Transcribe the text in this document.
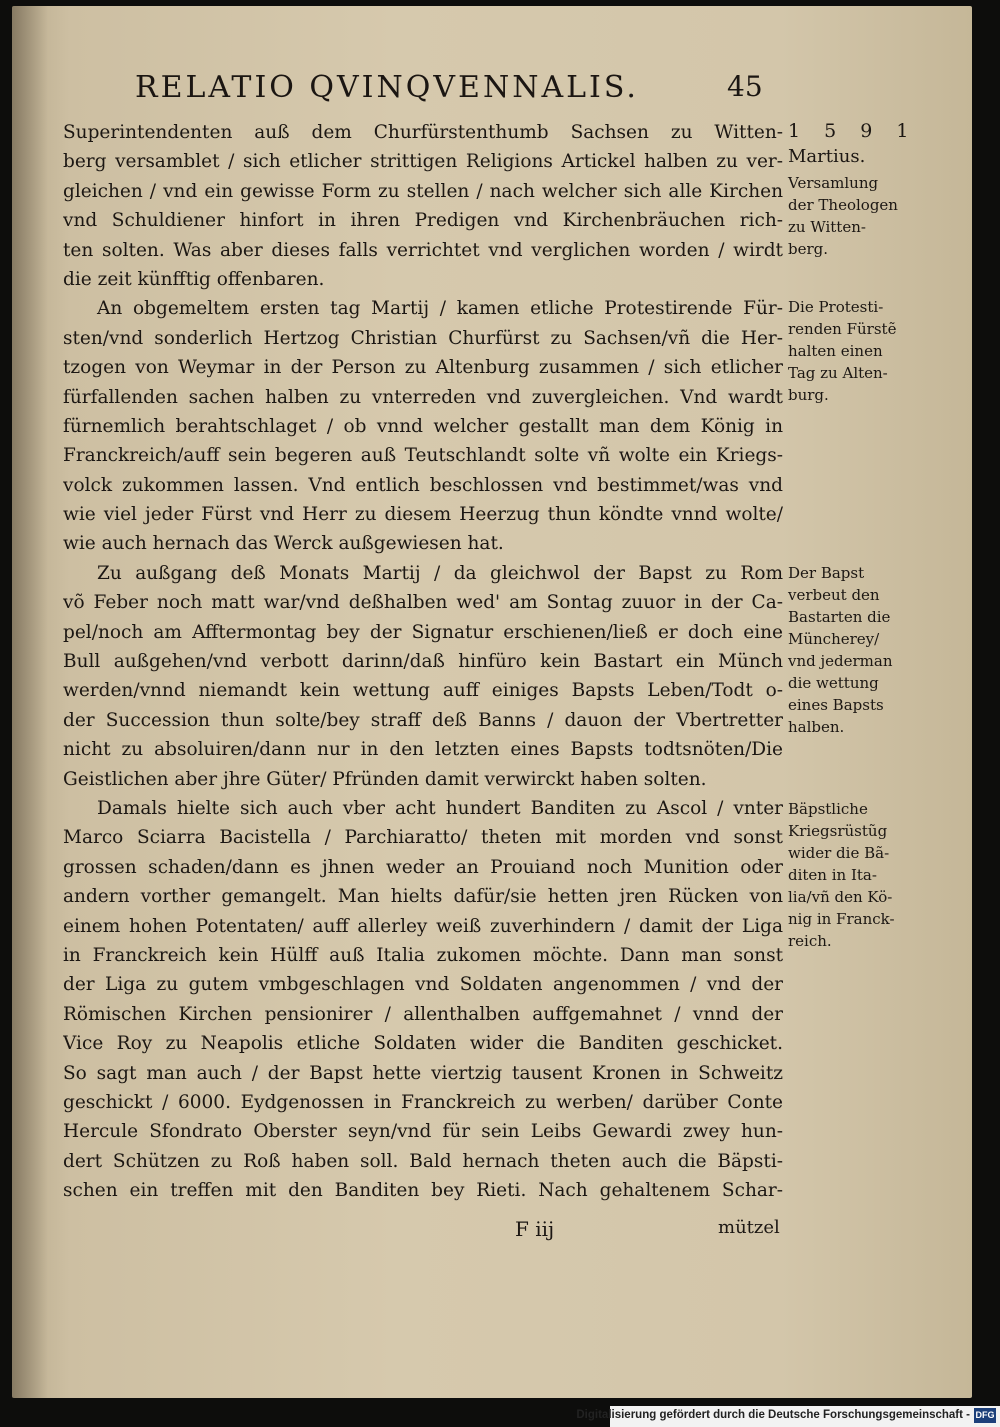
RELATIO QVINQVENNALIS.	45
Superintendenten auß dem Churfürstenthumb Sachsen zu Witten-
berg versamblet / sich etlicher strittigen Religions Artickel halben zu ver-
gleichen / vnd ein gewisse Form zu stellen / nach welcher sich alle Kirchen
vnd Schuldiener hinfort in ihren Predigen vnd Kirchenbräuchen rich-
ten solten. Was aber dieses falls verrichtet vnd verglichen worden / wirdt
die zeit künfftig offenbaren.
An obgemeltem ersten tag Martij / kamen etliche Protestirende Für-
sten/vnd sonderlich Hertzog Christian Churfürst zu Sachsen/vñ die Her-
tzogen von Weymar in der Person zu Altenburg zusammen / sich etlicher
fürfallenden sachen halben zu vnterreden vnd zuvergleichen. Vnd wardt
fürnemlich berahtschlaget / ob vnnd welcher gestallt man dem König in
Franckreich/auff sein begeren auß Teutschlandt solte vñ wolte ein Kriegs-
volck zukommen lassen. Vnd entlich beschlossen vnd bestimmet/was vnd
wie viel jeder Fürst vnd Herr zu diesem Heerzug thun köndte vnnd wolte/
wie auch hernach das Werck außgewiesen hat.
Zu außgang deß Monats Martij / da gleichwol der Bapst zu Rom
võ Feber noch matt war/vnd deßhalben wed' am Sontag zuuor in der Ca-
pel/noch am Afftermontag bey der Signatur erschienen/ließ er doch eine
Bull außgehen/vnd verbott darinn/daß hinfüro kein Bastart ein Münch
werden/vnnd niemandt kein wettung auff einiges Bapsts Leben/Todt o-
der Succession thun solte/bey straff deß Banns / dauon der Vbertretter
nicht zu absoluiren/dann nur in den letzten eines Bapsts todtsnöten/Die
Geistlichen aber jhre Güter/ Pfründen damit verwirckt haben solten.
Damals hielte sich auch vber acht hundert Banditen zu Ascol / vnter
Marco Sciarra Bacistella / Parchiaratto/ theten mit morden vnd sonst
grossen schaden/dann es jhnen weder an Prouiand noch Munition oder
andern vorther gemangelt. Man hielts dafür/sie hetten jren Rücken von
einem hohen Potentaten/ auff allerley weiß zuverhindern / damit der Liga
in Franckreich kein Hülff auß Italia zukomen möchte. Dann man sonst
der Liga zu gutem vmbgeschlagen vnd Soldaten angenommen / vnd der
Römischen Kirchen pensionirer / allenthalben auffgemahnet / vnnd der
Vice Roy zu Neapolis etliche Soldaten wider die Banditen geschicket.
So sagt man auch / der Bapst hette viertzig tausent Kronen in Schweitz
geschickt / 6000. Eydgenossen in Franckreich zu werben/ darüber Conte
Hercule Sfondrato Oberster seyn/vnd für sein Leibs Gewardi zwey hun-
dert Schützen zu Roß haben soll. Bald hernach theten auch die Bäpsti-
schen ein treffen mit den Banditen bey Rieti. Nach gehaltenem Schar-
1 5 9 1
Martius.
Versamlung
der Theologen
zu Witten-
berg.
Die Protesti-
renden Fürstẽ
halten einen
Tag zu Alten-
burg.
Der Bapst
verbeut den
Bastarten die
Müncherey/
vnd jederman
die wettung
eines Bapsts
halben.
Bäpstliche
Kriegsrüstũg
wider die Bã-
diten in Ita-
lia/vñ den Kö-
nig in Franck-
reich.
F iij	mützel
Digitalisierung gefördert durch die Deutsche Forschungsgemeinschaft - DFG
